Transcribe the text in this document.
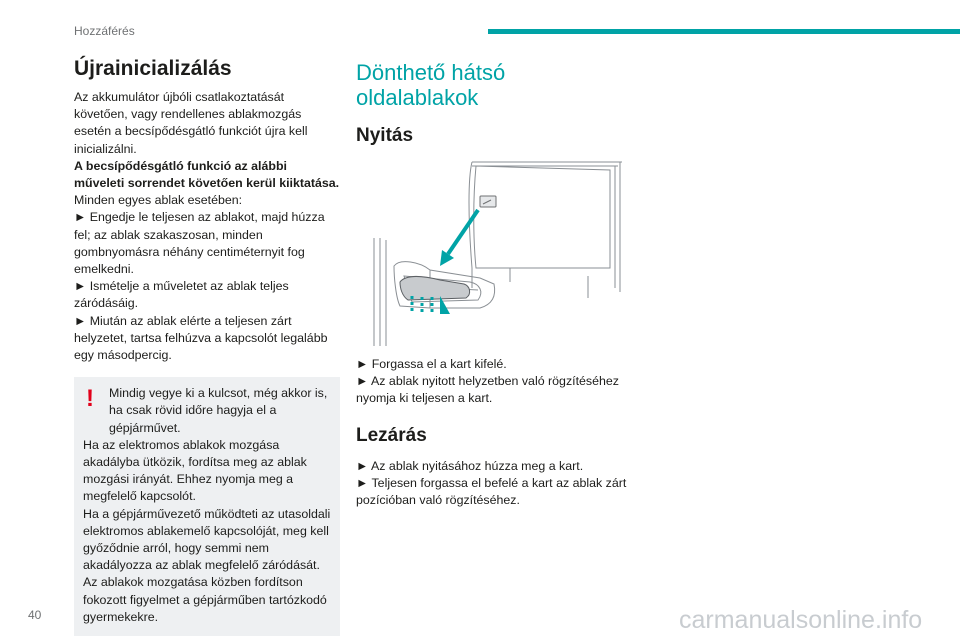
Hozzáférés
Újrainicializálás

Az akkumulátor újbóli csatlakoztatását követően, vagy rendellenes ablakmozgás esetén a becsípődésgátló funkciót újra kell inicializálni.

A becsípődésgátló funkció az alábbi műveleti sorrendet követően kerül kiiktatása.

Minden egyes ablak esetében:

► Engedje le teljesen az ablakot, majd húzza fel; az ablak szakaszosan, minden gombnyomásra néhány centiméternyit fog emelkedni.

► Ismételje a műveletet az ablak teljes záródásáig.

► Miután az ablak elérte a teljesen zárt helyzetet, tartsa felhúzva a kapcsolót legalább egy másodpercig.

!	Mindig vegye ki a kulcsot, még akkor is, ha csak rövid időre hagyja el a gépjárművet.

Ha az elektromos ablakok mozgása akadályba ütközik, fordítsa meg az ablak mozgási irányát. Ehhez nyomja meg a megfelelő kapcsolót.

Ha a gépjárművezető működteti az utasoldali elektromos ablakemelő kapcsolóját, meg kell győződnie arról, hogy semmi nem akadályozza az ablak megfelelő záródását.

Az ablakok mozgatása közben fordítson fokozott figyelmet a gépjárműben tartózkodó gyermekekre.

Dönthető hátsó
oldalablakok
Nyitás

► Forgassa el a kart kifelé.

► Az ablak nyitott helyzetben való rögzítéséhez nyomja ki teljesen a kart.

Lezárás

► Az ablak nyitásához húzza meg a kart.

► Teljesen forgassa el befelé a kart az ablak zárt pozícióban való rögzítéséhez.

40	carmanualsonline.info
